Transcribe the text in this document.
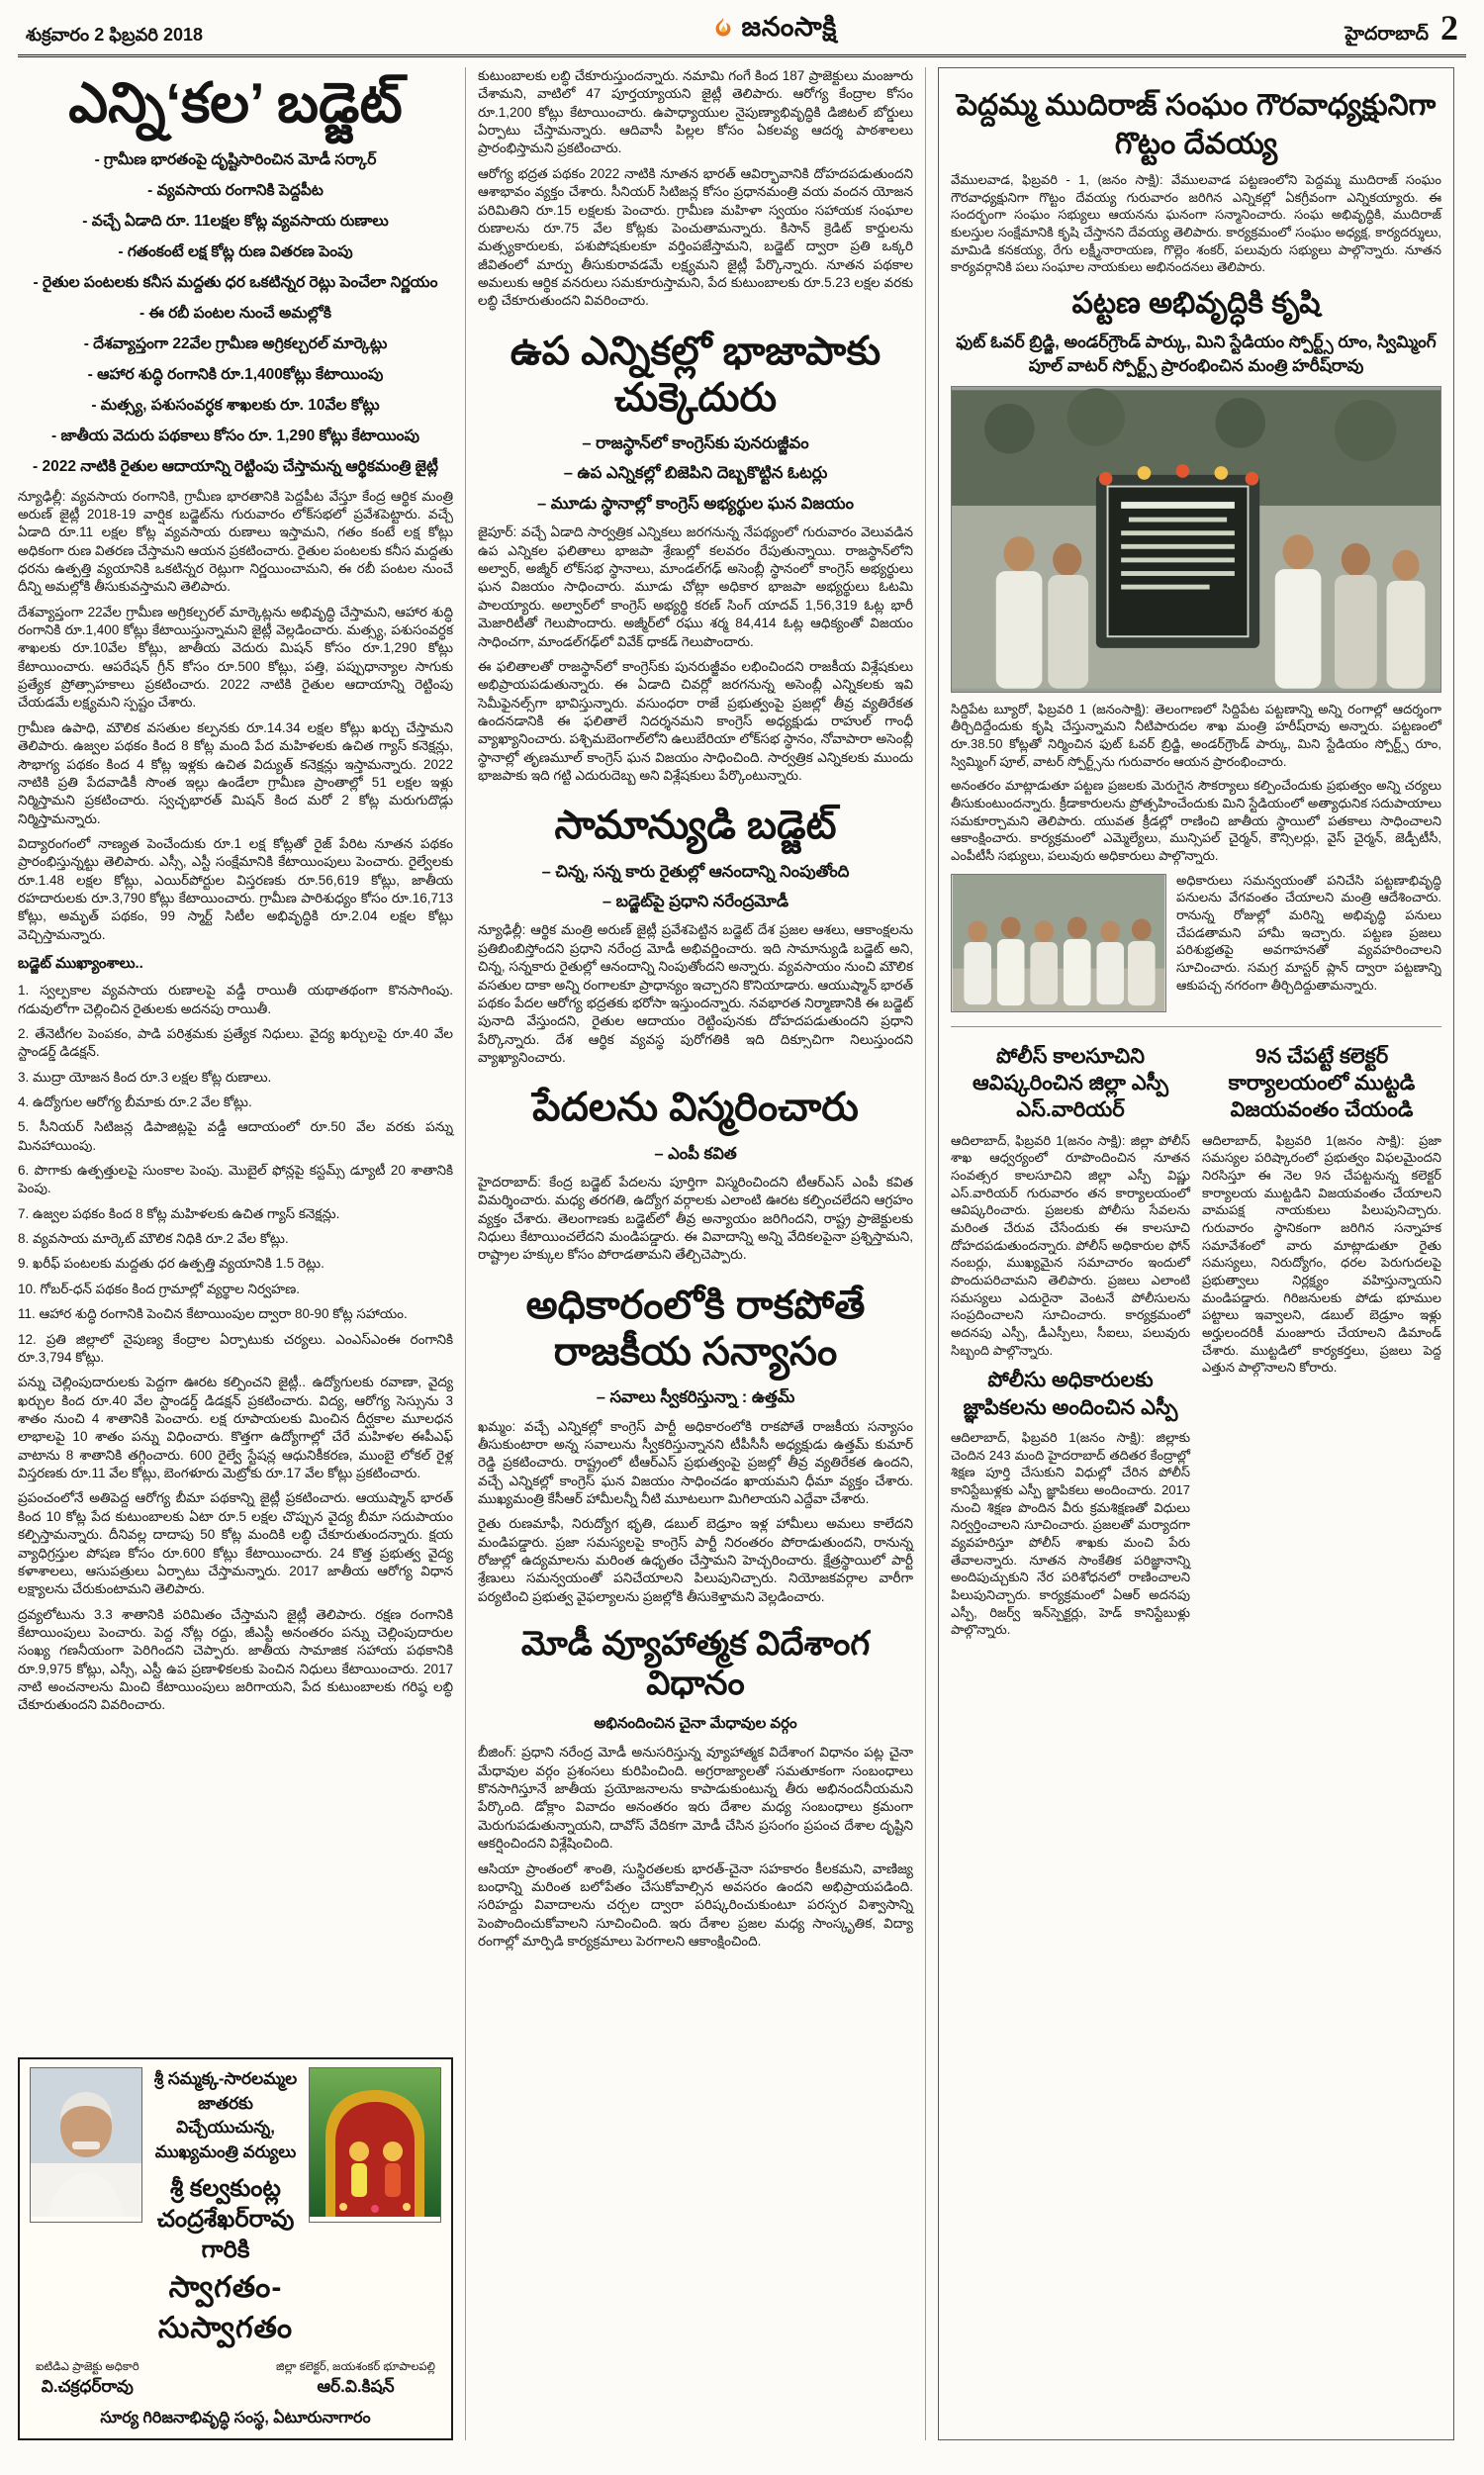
శుక్రవారం 2 ఫిబ్రవరి 2018	జనంసాక్షి	హైదరాబాద్ 2
ఎన్ని‘కల’ బడ్జెట్
- గ్రామీణ భారతంపై దృష్టిసారించిన మోడీ సర్కార్
- వ్యవసాయ రంగానికి పెద్దపీట
- వచ్చే ఏడాది రూ. 11లక్షల కోట్ల వ్యవసాయ రుణాలు
- గతంకంటే లక్ష కోట్ల రుణ వితరణ పెంపు
- రైతుల పంటలకు కనీస మద్దతు ధర ఒకటిన్నర రెట్లు పెంచేలా నిర్ణయం
- ఈ రబీ పంటల నుంచే అమల్లోకి
- దేశవ్యాప్తంగా 22వేల గ్రామీణ అగ్రికల్చరల్ మార్కెట్లు
- ఆహార శుద్ధి రంగానికి రూ.1,400కోట్లు కేటాయింపు
- మత్స్య, పశుసంవర్ధక శాఖలకు రూ. 10వేల కోట్లు
- జాతీయ వెదురు పథకాలు కోసం రూ. 1,290 కోట్లు కేటాయింపు
- 2022 నాటికి రైతుల ఆదాయాన్ని రెట్టింపు చేస్తామన్న ఆర్థికమంత్రి జైట్లీ
న్యూఢిల్లీ: వ్యవసాయ రంగానికి, గ్రామీణ భారతానికి పెద్దపీట వేస్తూ కేంద్ర ఆర్థిక మంత్రి అరుణ్ జైట్లీ 2018-19 వార్షిక బడ్జెట్‌ను గురువారం లోక్‌సభలో ప్రవేశపెట్టారు. వచ్చే ఏడాది రూ.11 లక్షల కోట్ల వ్యవసాయ రుణాలు ఇస్తామని, గతం కంటే లక్ష కోట్లు అధికంగా రుణ వితరణ చేస్తామని ఆయన ప్రకటించారు. రైతుల పంటలకు కనీస మద్దతు ధరను ఉత్పత్తి వ్యయానికి ఒకటిన్నర రెట్లుగా నిర్ణయించామని, ఈ రబీ పంటల నుంచే దీన్ని అమల్లోకి తీసుకువస్తామని తెలిపారు.
దేశవ్యాప్తంగా 22వేల గ్రామీణ అగ్రికల్చరల్ మార్కెట్లను అభివృద్ధి చేస్తామని, ఆహార శుద్ధి రంగానికి రూ.1,400 కోట్లు కేటాయిస్తున్నామని జైట్లీ వెల్లడించారు. మత్స్య, పశుసంవర్ధక శాఖలకు రూ.10వేల కోట్లు, జాతీయ వెదురు మిషన్ కోసం రూ.1,290 కోట్లు కేటాయించారు. ఆపరేషన్ గ్రీన్ కోసం రూ.500 కోట్లు, పత్తి, పప్పుధాన్యాల సాగుకు ప్రత్యేక ప్రోత్సాహకాలు ప్రకటించారు. 2022 నాటికి రైతుల ఆదాయాన్ని రెట్టింపు చేయడమే లక్ష్యమని స్పష్టం చేశారు.
గ్రామీణ ఉపాధి, మౌలిక వసతుల కల్పనకు రూ.14.34 లక్షల కోట్లు ఖర్చు చేస్తామని తెలిపారు. ఉజ్వల పథకం కింద 8 కోట్ల మంది పేద మహిళలకు ఉచిత గ్యాస్ కనెక్షన్లు, సౌభాగ్య పథకం కింద 4 కోట్ల ఇళ్లకు ఉచిత విద్యుత్ కనెక్షన్లు ఇస్తామన్నారు. 2022 నాటికి ప్రతి పేదవాడికీ సొంత ఇల్లు ఉండేలా గ్రామీణ ప్రాంతాల్లో 51 లక్షల ఇళ్లు నిర్మిస్తామని ప్రకటించారు. స్వచ్ఛభారత్ మిషన్ కింద మరో 2 కోట్ల మరుగుదొడ్లు నిర్మిస్తామన్నారు.
విద్యారంగంలో నాణ్యత పెంచేందుకు రూ.1 లక్ష కోట్లతో రైజ్ పేరిట నూతన పథకం ప్రారంభిస్తున్నట్టు తెలిపారు. ఎస్సీ, ఎస్టీ సంక్షేమానికి కేటాయింపులు పెంచారు. రైల్వేలకు రూ.1.48 లక్షల కోట్లు, ఎయిర్‌పోర్టుల విస్తరణకు రూ.56,619 కోట్లు, జాతీయ రహదారులకు రూ.3,790 కోట్లు కేటాయించారు. గ్రామీణ పారిశుధ్యం కోసం రూ.16,713 కోట్లు, అమృత్ పథకం, 99 స్మార్ట్ సిటీల అభివృద్ధికి రూ.2.04 లక్షల కోట్లు వెచ్చిస్తామన్నారు.
బడ్జెట్ ముఖ్యాంశాలు..
1. స్వల్పకాల వ్యవసాయ రుణాలపై వడ్డీ రాయితీ యథాతథంగా కొనసాగింపు. గడువులోగా చెల్లించిన రైతులకు అదనపు రాయితీ.
2. తేనెటీగల పెంపకం, పాడి పరిశ్రమకు ప్రత్యేక నిధులు. వైద్య ఖర్చులపై రూ.40 వేల స్టాండర్డ్ డిడక్షన్.
3. ముద్రా యోజన కింద రూ.3 లక్షల కోట్ల రుణాలు.
4. ఉద్యోగుల ఆరోగ్య బీమాకు రూ.2 వేల కోట్లు.
5. సీనియర్ సిటిజన్ల డిపాజిట్లపై వడ్డీ ఆదాయంలో రూ.50 వేల వరకు పన్ను మినహాయింపు.
6. పొగాకు ఉత్పత్తులపై సుంకాల పెంపు. మొబైల్ ఫోన్లపై కస్టమ్స్ డ్యూటీ 20 శాతానికి పెంపు.
7. ఉజ్వల పథకం కింద 8 కోట్ల మహిళలకు ఉచిత గ్యాస్ కనెక్షన్లు.
8. వ్యవసాయ మార్కెట్ మౌలిక నిధికి రూ.2 వేల కోట్లు.
9. ఖరీఫ్ పంటలకు మద్దతు ధర ఉత్పత్తి వ్యయానికి 1.5 రెట్లు.
10. గోబర్-ధన్ పథకం కింద గ్రామాల్లో వ్యర్థాల నిర్వహణ.
11. ఆహార శుద్ధి రంగానికి పెంచిన కేటాయింపుల ద్వారా 80-90 కోట్ల సహాయం.
12. ప్రతి జిల్లాలో నైపుణ్య కేంద్రాల ఏర్పాటుకు చర్యలు. ఎంఎస్ఎంఈ రంగానికి రూ.3,794 కోట్లు.
పన్ను చెల్లింపుదారులకు పెద్దగా ఊరట కల్పించని జైట్లీ.. ఉద్యోగులకు రవాణా, వైద్య ఖర్చుల కింద రూ.40 వేల స్టాండర్డ్ డిడక్షన్ ప్రకటించారు. విద్య, ఆరోగ్య సెస్సును 3 శాతం నుంచి 4 శాతానికి పెంచారు. లక్ష రూపాయలకు మించిన దీర్ఘకాల మూలధన లాభాలపై 10 శాతం పన్ను విధించారు. కొత్తగా ఉద్యోగాల్లో చేరే మహిళల ఈపీఎఫ్ వాటాను 8 శాతానికి తగ్గించారు. 600 రైల్వే స్టేషన్ల ఆధునికీకరణ, ముంబై లోకల్ రైళ్ల విస్తరణకు రూ.11 వేల కోట్లు, బెంగళూరు మెట్రోకు రూ.17 వేల కోట్లు ప్రకటించారు.
ప్రపంచంలోనే అతిపెద్ద ఆరోగ్య బీమా పథకాన్ని జైట్లీ ప్రకటించారు. ఆయుష్మాన్ భారత్ కింద 10 కోట్ల పేద కుటుంబాలకు ఏటా రూ.5 లక్షల చొప్పున వైద్య బీమా సదుపాయం కల్పిస్తామన్నారు. దీనివల్ల దాదాపు 50 కోట్ల మందికి లబ్ధి చేకూరుతుందన్నారు. క్షయ వ్యాధిగ్రస్తుల పోషణ కోసం రూ.600 కోట్లు కేటాయించారు. 24 కొత్త ప్రభుత్వ వైద్య కళాశాలలు, ఆసుపత్రులు ఏర్పాటు చేస్తామన్నారు. 2017 జాతీయ ఆరోగ్య విధాన లక్ష్యాలను చేరుకుంటామని తెలిపారు.
ద్రవ్యలోటును 3.3 శాతానికి పరిమితం చేస్తామని జైట్లీ తెలిపారు. రక్షణ రంగానికి కేటాయింపులు పెంచారు. పెద్ద నోట్ల రద్దు, జీఎస్టీ అనంతరం పన్ను చెల్లింపుదారుల సంఖ్య గణనీయంగా పెరిగిందని చెప్పారు. జాతీయ సామాజిక సహాయ పథకానికి రూ.9,975 కోట్లు, ఎస్సీ, ఎస్టీ ఉప ప్రణాళికలకు పెంచిన నిధులు కేటాయించారు. 2017 నాటి అంచనాలను మించి కేటాయింపులు జరిగాయని, పేద కుటుంబాలకు గరిష్ఠ లబ్ధి చేకూరుతుందని వివరించారు.
శ్రీ సమ్మక్క-సారలమ్మల
జాతరకు విచ్చేయుచున్న,
ముఖ్యమంత్రి వర్యులు
శ్రీ కల్వకుంట్ల చంద్రశేఖర్‌రావు గారికి
స్వాగతం-సుస్వాగతం
ఐటిడిఎ ప్రాజెక్టు అధికారి
వి.చక్రధర్‌రావు
జిల్లా కలెక్టర్, జయశంకర్ భూపాలపల్లి
ఆర్.వి.కిషన్
సూర్య గిరిజనాభివృద్ధి సంస్థ, ఏటూరునాగారం
కుటుంబాలకు లబ్ధి చేకూరుస్తుందన్నారు. నమామి గంగే కింద 187 ప్రాజెక్టులు మంజూరు చేశామని, వాటిలో 47 పూర్తయ్యాయని జైట్లీ తెలిపారు. ఆరోగ్య కేంద్రాల కోసం రూ.1,200 కోట్లు కేటాయించారు. ఉపాధ్యాయుల నైపుణ్యాభివృద్ధికి డిజిటల్ బోర్డులు ఏర్పాటు చేస్తామన్నారు. ఆదివాసీ పిల్లల కోసం ఏకలవ్య ఆదర్శ పాఠశాలలు ప్రారంభిస్తామని ప్రకటించారు.
ఆరోగ్య భద్రత పథకం 2022 నాటికి నూతన భారత్ ఆవిర్భావానికి దోహదపడుతుందని ఆశాభావం వ్యక్తం చేశారు. సీనియర్ సిటిజన్ల కోసం ప్రధానమంత్రి వయ వందన యోజన పరిమితిని రూ.15 లక్షలకు పెంచారు. గ్రామీణ మహిళా స్వయం సహాయక సంఘాల రుణాలను రూ.75 వేల కోట్లకు పెంచుతామన్నారు. కిసాన్ క్రెడిట్ కార్డులను మత్స్యకారులకు, పశుపోషకులకూ వర్తింపజేస్తామని, బడ్జెట్ ద్వారా ప్రతి ఒక్కరి జీవితంలో మార్పు తీసుకురావడమే లక్ష్యమని జైట్లీ పేర్కొన్నారు. నూతన పథకాల అమలుకు ఆర్థిక వనరులు సమకూరుస్తామని, పేద కుటుంబాలకు రూ.5.23 లక్షల వరకు లబ్ధి చేకూరుతుందని వివరించారు.
ఉప ఎన్నికల్లో భాజాపాకు చుక్కెదురు
– రాజస్థాన్‌లో కాంగ్రెస్‌కు పునరుజ్జీవం
– ఉప ఎన్నికల్లో బిజెపిని దెబ్బకొట్టిన ఓటర్లు
– మూడు స్థానాల్లో కాంగ్రెస్ అభ్యర్థుల ఘన విజయం
జైపూర్: వచ్చే ఏడాది సార్వత్రిక ఎన్నికలు జరగనున్న నేపథ్యంలో గురువారం వెలువడిన ఉప ఎన్నికల ఫలితాలు భాజపా శ్రేణుల్లో కలవరం రేపుతున్నాయి. రాజస్థాన్‌లోని అల్వార్, అజ్మీర్ లోక్‌సభ స్థానాలు, మాండల్‌గఢ్ అసెంబ్లీ స్థానంలో కాంగ్రెస్ అభ్యర్థులు ఘన విజయం సాధించారు. మూడు చోట్లా అధికార భాజపా అభ్యర్థులు ఓటమి పాలయ్యారు. అల్వార్‌లో కాంగ్రెస్ అభ్యర్థి కరణ్ సింగ్ యాదవ్ 1,56,319 ఓట్ల భారీ మెజారిటీతో గెలుపొందారు. అజ్మీర్‌లో రఘు శర్మ 84,414 ఓట్ల ఆధిక్యంతో విజయం సాధించగా, మాండల్‌గఢ్‌లో వివేక్ ధాకడ్ గెలుపొందారు.
ఈ ఫలితాలతో రాజస్థాన్‌లో కాంగ్రెస్‌కు పునరుజ్జీవం లభించిందని రాజకీయ విశ్లేషకులు అభిప్రాయపడుతున్నారు. ఈ ఏడాది చివర్లో జరగనున్న అసెంబ్లీ ఎన్నికలకు ఇవి సెమీఫైనల్స్‌గా భావిస్తున్నారు. వసుంధరా రాజే ప్రభుత్వంపై ప్రజల్లో తీవ్ర వ్యతిరేకత ఉందనడానికి ఈ ఫలితాలే నిదర్శనమని కాంగ్రెస్ అధ్యక్షుడు రాహుల్ గాంధీ వ్యాఖ్యానించారు. పశ్చిమబెంగాల్‌లోని ఉలుబేరియా లోక్‌సభ స్థానం, నోవాపారా అసెంబ్లీ స్థానాల్లో తృణమూల్ కాంగ్రెస్ ఘన విజయం సాధించింది. సార్వత్రిక ఎన్నికలకు ముందు భాజపాకు ఇది గట్టి ఎదురుదెబ్బ అని విశ్లేషకులు పేర్కొంటున్నారు.
సామాన్యుడి బడ్జెట్
– చిన్న, సన్న కారు రైతుల్లో ఆనందాన్ని నింపుతోంది
– బడ్జెట్‌పై ప్రధాని నరేంద్రమోడీ
న్యూఢిల్లీ: ఆర్థిక మంత్రి అరుణ్ జైట్లీ ప్రవేశపెట్టిన బడ్జెట్ దేశ ప్రజల ఆశలు, ఆకాంక్షలను ప్రతిబింబిస్తోందని ప్రధాని నరేంద్ర మోడీ అభివర్ణించారు. ఇది సామాన్యుడి బడ్జెట్ అని, చిన్న, సన్నకారు రైతుల్లో ఆనందాన్ని నింపుతోందని అన్నారు. వ్యవసాయం నుంచి మౌలిక వసతుల దాకా అన్ని రంగాలకూ ప్రాధాన్యం ఇచ్చారని కొనియాడారు. ఆయుష్మాన్ భారత్ పథకం పేదల ఆరోగ్య భద్రతకు భరోసా ఇస్తుందన్నారు. నవభారత నిర్మాణానికి ఈ బడ్జెట్ పునాది వేస్తుందని, రైతుల ఆదాయం రెట్టింపునకు దోహదపడుతుందని ప్రధాని పేర్కొన్నారు. దేశ ఆర్థిక వ్యవస్థ పురోగతికి ఇది దిక్సూచిగా నిలుస్తుందని వ్యాఖ్యానించారు.
పేదలను విస్మరించారు
– ఎంపీ కవిత
హైదరాబాద్: కేంద్ర బడ్జెట్ పేదలను పూర్తిగా విస్మరించిందని టీఆర్ఎస్ ఎంపీ కవిత విమర్శించారు. మధ్య తరగతి, ఉద్యోగ వర్గాలకు ఎలాంటి ఊరట కల్పించలేదని ఆగ్రహం వ్యక్తం చేశారు. తెలంగాణకు బడ్జెట్‌లో తీవ్ర అన్యాయం జరిగిందని, రాష్ట్ర ప్రాజెక్టులకు నిధులు కేటాయించలేదని మండిపడ్డారు. ఈ వివాదాన్ని అన్ని వేదికలపైనా ప్రశ్నిస్తామని, రాష్ట్రాల హక్కుల కోసం పోరాడతామని తేల్చిచెప్పారు.
అధికారంలోకి రాకపోతే రాజకీయ సన్యాసం
– సవాలు స్వీకరిస్తున్నా : ఉత్తమ్
ఖమ్మం: వచ్చే ఎన్నికల్లో కాంగ్రెస్ పార్టీ అధికారంలోకి రాకపోతే రాజకీయ సన్యాసం తీసుకుంటారా అన్న సవాలును స్వీకరిస్తున్నానని టీపీసీసీ అధ్యక్షుడు ఉత్తమ్ కుమార్ రెడ్డి ప్రకటించారు. రాష్ట్రంలో టీఆర్ఎస్ ప్రభుత్వంపై ప్రజల్లో తీవ్ర వ్యతిరేకత ఉందని, వచ్చే ఎన్నికల్లో కాంగ్రెస్ ఘన విజయం సాధించడం ఖాయమని ధీమా వ్యక్తం చేశారు. ముఖ్యమంత్రి కేసీఆర్ హామీలన్నీ నీటి మూటలుగా మిగిలాయని ఎద్దేవా చేశారు.
రైతు రుణమాఫీ, నిరుద్యోగ భృతి, డబుల్ బెడ్రూం ఇళ్ల హామీలు అమలు కాలేదని మండిపడ్డారు. ప్రజా సమస్యలపై కాంగ్రెస్ పార్టీ నిరంతరం పోరాడుతుందని, రానున్న రోజుల్లో ఉద్యమాలను మరింత ఉధృతం చేస్తామని హెచ్చరించారు. క్షేత్రస్థాయిలో పార్టీ శ్రేణులు సమన్వయంతో పనిచేయాలని పిలుపునిచ్చారు. నియోజకవర్గాల వారీగా పర్యటించి ప్రభుత్వ వైఫల్యాలను ప్రజల్లోకి తీసుకెళ్తామని వెల్లడించారు.
మోడీ వ్యూహాత్మక విదేశాంగ విధానం
అభినందించిన చైనా మేధావుల వర్గం
బీజింగ్: ప్రధాని నరేంద్ర మోడీ అనుసరిస్తున్న వ్యూహాత్మక విదేశాంగ విధానం పట్ల చైనా మేధావుల వర్గం ప్రశంసలు కురిపించింది. అగ్రరాజ్యాలతో సమతూకంగా సంబంధాలు కొనసాగిస్తూనే జాతీయ ప్రయోజనాలను కాపాడుకుంటున్న తీరు అభినందనీయమని పేర్కొంది. డోక్లాం వివాదం అనంతరం ఇరు దేశాల మధ్య సంబంధాలు క్రమంగా మెరుగుపడుతున్నాయని, దావోస్ వేదికగా మోడీ చేసిన ప్రసంగం ప్రపంచ దేశాల దృష్టిని ఆకర్షించిందని విశ్లేషించింది.
ఆసియా ప్రాంతంలో శాంతి, సుస్థిరతలకు భారత్-చైనా సహకారం కీలకమని, వాణిజ్య బంధాన్ని మరింత బలోపేతం చేసుకోవాల్సిన అవసరం ఉందని అభిప్రాయపడింది. సరిహద్దు వివాదాలను చర్చల ద్వారా పరిష్కరించుకుంటూ పరస్పర విశ్వాసాన్ని పెంపొందించుకోవాలని సూచించింది. ఇరు దేశాల ప్రజల మధ్య సాంస్కృతిక, విద్యా రంగాల్లో మార్పిడి కార్యక్రమాలు పెరగాలని ఆకాంక్షించింది.
పెద్దమ్మ ముదిరాజ్ సంఘం గౌరవాధ్యక్షునిగా గొట్టం దేవయ్య
వేములవాడ, ఫిబ్రవరి - 1, (జనం సాక్షి): వేములవాడ పట్టణంలోని పెద్దమ్మ ముదిరాజ్ సంఘం గౌరవాధ్యక్షునిగా గొట్టం దేవయ్య గురువారం జరిగిన ఎన్నికల్లో ఏకగ్రీవంగా ఎన్నికయ్యారు. ఈ సందర్భంగా సంఘం సభ్యులు ఆయనను ఘనంగా సన్మానించారు. సంఘ అభివృద్ధికి, ముదిరాజ్ కులస్తుల సంక్షేమానికి కృషి చేస్తానని దేవయ్య తెలిపారు. కార్యక్రమంలో సంఘం అధ్యక్ష, కార్యదర్శులు, మామిడి కనకయ్య, రేగు లక్ష్మీనారాయణ, గొల్లెం శంకర్, పలువురు సభ్యులు పాల్గొన్నారు. నూతన కార్యవర్గానికి పలు సంఘాల నాయకులు అభినందనలు తెలిపారు.
పట్టణ అభివృద్ధికి కృషి
ఫుట్ ఓవర్ బ్రిడ్జి, అండర్‌గ్రౌండ్ పార్కు, మిని స్టేడియం స్పోర్ట్స్ రూం, స్విమ్మింగ్ పూల్ వాటర్ స్పోర్ట్స్ ప్రారంభించిన మంత్రి హరీష్‌రావు
సిద్దిపేట బ్యూరో, ఫిబ్రవరి 1 (జనంసాక్షి): తెలంగాణలో సిద్దిపేట పట్టణాన్ని అన్ని రంగాల్లో ఆదర్శంగా తీర్చిదిద్దేందుకు కృషి చేస్తున్నామని నీటిపారుదల శాఖ మంత్రి హరీష్‌రావు అన్నారు. పట్టణంలో రూ.38.50 కోట్లతో నిర్మించిన ఫుట్ ఓవర్ బ్రిడ్జి, అండర్‌గ్రౌండ్ పార్కు, మిని స్టేడియం స్పోర్ట్స్ రూం, స్విమ్మింగ్ పూల్, వాటర్ స్పోర్ట్స్‌ను గురువారం ఆయన ప్రారంభించారు.
అనంతరం మాట్లాడుతూ పట్టణ ప్రజలకు మెరుగైన సౌకర్యాలు కల్పించేందుకు ప్రభుత్వం అన్ని చర్యలు తీసుకుంటుందన్నారు. క్రీడాకారులను ప్రోత్సహించేందుకు మిని స్టేడియంలో అత్యాధునిక సదుపాయాలు సమకూర్చామని తెలిపారు. యువత క్రీడల్లో రాణించి జాతీయ స్థాయిలో పతకాలు సాధించాలని ఆకాంక్షించారు. కార్యక్రమంలో ఎమ్మెల్యేలు, మున్సిపల్ చైర్మన్, కౌన్సిలర్లు, వైస్ చైర్మన్, జెడ్పీటీసీ, ఎంపీటీసీ సభ్యులు, పలువురు అధికారులు పాల్గొన్నారు.
అధికారులు సమన్వయంతో పనిచేసి పట్టణాభివృద్ధి పనులను వేగవంతం చేయాలని మంత్రి ఆదేశించారు. రానున్న రోజుల్లో మరిన్ని అభివృద్ధి పనులు చేపడతామని హామీ ఇచ్చారు. పట్టణ ప్రజలు పరిశుభ్రతపై అవగాహనతో వ్యవహరించాలని సూచించారు. సమగ్ర మాస్టర్ ప్లాన్ ద్వారా పట్టణాన్ని ఆకుపచ్చ నగరంగా తీర్చిదిద్దుతామన్నారు.
పోలీస్ కాలసూచిని ఆవిష్కరించిన జిల్లా ఎస్పీ ఎస్.వారియర్
ఆదిలాబాద్, ఫిబ్రవరి 1(జనం సాక్షి): జిల్లా పోలీస్ శాఖ ఆధ్వర్యంలో రూపొందించిన నూతన సంవత్సర కాలసూచిని జిల్లా ఎస్పీ విష్ణు ఎస్.వారియర్ గురువారం తన కార్యాలయంలో ఆవిష్కరించారు. ప్రజలకు పోలీసు సేవలను మరింత చేరువ చేసేందుకు ఈ కాలసూచి దోహదపడుతుందన్నారు. పోలీస్ అధికారుల ఫోన్ నంబర్లు, ముఖ్యమైన సమాచారం ఇందులో పొందుపరిచామని తెలిపారు. ప్రజలు ఎలాంటి సమస్యలు ఎదురైనా వెంటనే పోలీసులను సంప్రదించాలని సూచించారు. కార్యక్రమంలో అదనపు ఎస్పీ, డీఎస్పీలు, సీఐలు, పలువురు సిబ్బంది పాల్గొన్నారు.
పోలీసు అధికారులకు జ్ఞాపికలను అందించిన ఎస్పీ
ఆదిలాబాద్, ఫిబ్రవరి 1(జనం సాక్షి): జిల్లాకు చెందిన 243 మంది హైదరాబాద్ తదితర కేంద్రాల్లో శిక్షణ పూర్తి చేసుకుని విధుల్లో చేరిన పోలీస్ కానిస్టేబుళ్లకు ఎస్పీ జ్ఞాపికలు అందించారు. 2017 నుంచి శిక్షణ పొందిన వీరు క్రమశిక్షణతో విధులు నిర్వర్తించాలని సూచించారు. ప్రజలతో మర్యాదగా వ్యవహరిస్తూ పోలీస్ శాఖకు మంచి పేరు తేవాలన్నారు. నూతన సాంకేతిక పరిజ్ఞానాన్ని అందిపుచ్చుకుని నేర పరిశోధనలో రాణించాలని పిలుపునిచ్చారు. కార్యక్రమంలో ఏఆర్ అదనపు ఎస్పీ, రిజర్వ్ ఇన్‌స్పెక్టర్లు, హెడ్ కానిస్టేబుళ్లు పాల్గొన్నారు.
9న చేపట్టే కలెక్టర్ కార్యాలయంలో ముట్టడి విజయవంతం చేయండి
ఆదిలాబాద్, ఫిబ్రవరి 1(జనం సాక్షి): ప్రజా సమస్యల పరిష్కారంలో ప్రభుత్వం విఫలమైందని నిరసిస్తూ ఈ నెల 9న చేపట్టనున్న కలెక్టర్ కార్యాలయ ముట్టడిని విజయవంతం చేయాలని వామపక్ష నాయకులు పిలుపునిచ్చారు. గురువారం స్థానికంగా జరిగిన సన్నాహక సమావేశంలో వారు మాట్లాడుతూ రైతు సమస్యలు, నిరుద్యోగం, ధరల పెరుగుదలపై ప్రభుత్వాలు నిర్లక్ష్యం వహిస్తున్నాయని మండిపడ్డారు. గిరిజనులకు పోడు భూముల పట్టాలు ఇవ్వాలని, డబుల్ బెడ్రూం ఇళ్లు అర్హులందరికీ మంజూరు చేయాలని డిమాండ్ చేశారు. ముట్టడిలో కార్యకర్తలు, ప్రజలు పెద్ద ఎత్తున పాల్గొనాలని కోరారు.
